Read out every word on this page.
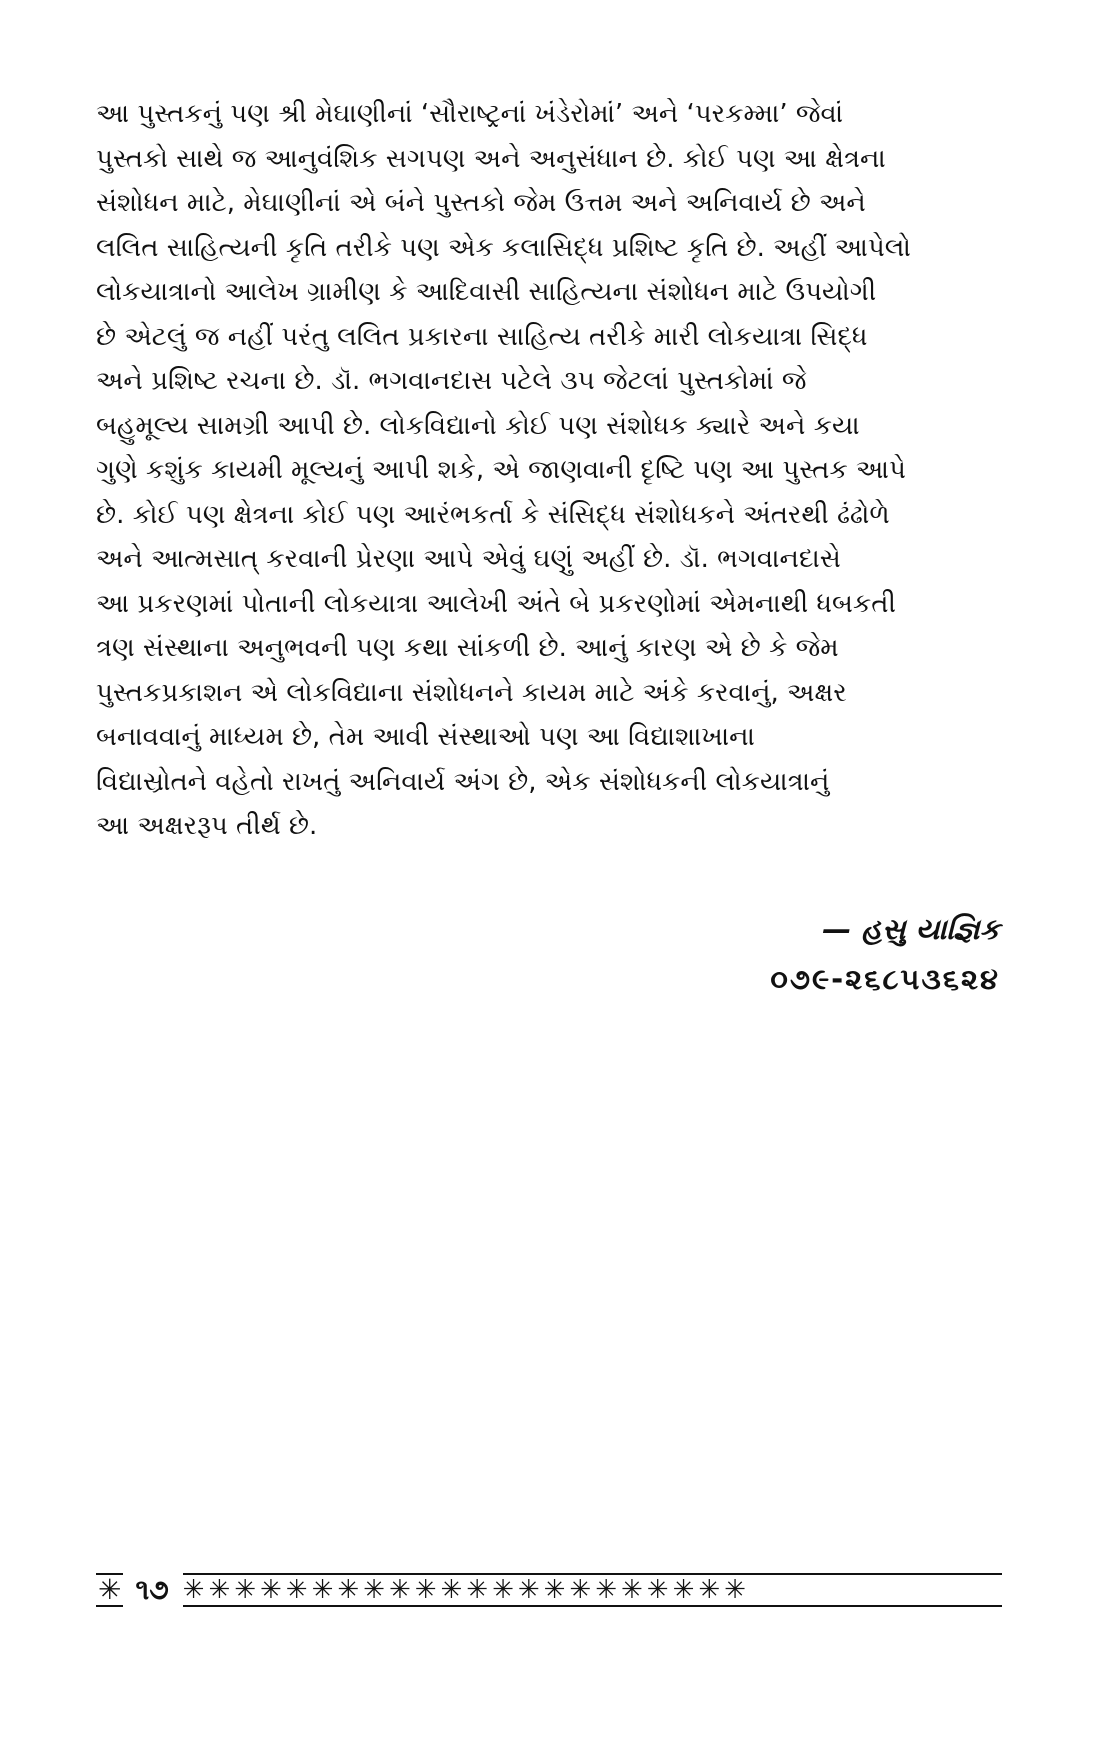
આ પુસ્તકનું પણ શ્રી મેઘાણીનાં ‘સૌરાષ્ટ્રનાં ખંડેરોમાં’ અને ‘પરકમ્મા’ જેવાં
પુસ્તકો સાથે જ આનુવંશિક સગપણ અને અનુસંધાન છે. કોઈ પણ આ ક્ષેત્રના
સંશોધન માટે, મેઘાણીનાં એ બંને પુસ્તકો જેમ ઉત્તમ અને અનિવાર્ય છે અને
લલિત સાહિત્યની કૃતિ તરીકે પણ એક કલાસિદ્ધ પ્રશિષ્ટ કૃતિ છે. અહીં આપેલો
લોકયાત્રાનો આલેખ ગ્રામીણ કે આદિવાસી સાહિત્યના સંશોધન માટે ઉપયોગી
છે એટલું જ નહીં પરંતુ લલિત પ્રકારના સાહિત્ય તરીકે મારી લોકયાત્રા સિદ્ધ
અને પ્રશિષ્ટ રચના છે. ડૉ. ભગવાનદાસ પટેલે ૩૫ જેટલાં પુસ્તકોમાં જે
બહુમૂલ્ય સામગ્રી આપી છે. લોકવિદ્યાનો કોઈ પણ સંશોધક ક્યારે અને કયા
ગુણે કશુંક કાયમી મૂલ્યનું આપી શકે, એ જાણવાની દૃષ્ટિ પણ આ પુસ્તક આપે
છે. કોઈ પણ ક્ષેત્રના કોઈ પણ આરંભકર્તા કે સંસિદ્ધ સંશોધકને અંતરથી ઢંઢોળે
અને આત્મસાત્ કરવાની પ્રેરણા આપે એવું ઘણું અહીં છે. ડૉ. ભગવાનદાસે
આ પ્રકરણમાં પોતાની લોકયાત્રા આલેખી અંતે બે પ્રકરણોમાં એમનાથી ધબકતી
ત્રણ સંસ્થાના અનુભવની પણ કથા સાંકળી છે. આનું કારણ એ છે કે જેમ
પુસ્તકપ્રકાશન એ લોકવિદ્યાના સંશોધનને કાયમ માટે અંકે કરવાનું, અક્ષર
બનાવવાનું માધ્યમ છે, તેમ આવી સંસ્થાઓ પણ આ વિદ્યાશાખાના
વિદ્યાસ્રોતને વહેતો રાખતું અનિવાર્ય અંગ છે, એક સંશોધકની લોકયાત્રાનું
આ અક્ષરરૂપ તીર્થ છે.
— હસુ યાજ્ઞિક
૦૭૯-૨૬૮૫૩૬૨૪
✳ ૧૭ ✳✳✳✳✳✳✳✳✳✳✳✳✳✳✳✳✳✳✳✳✳✳
